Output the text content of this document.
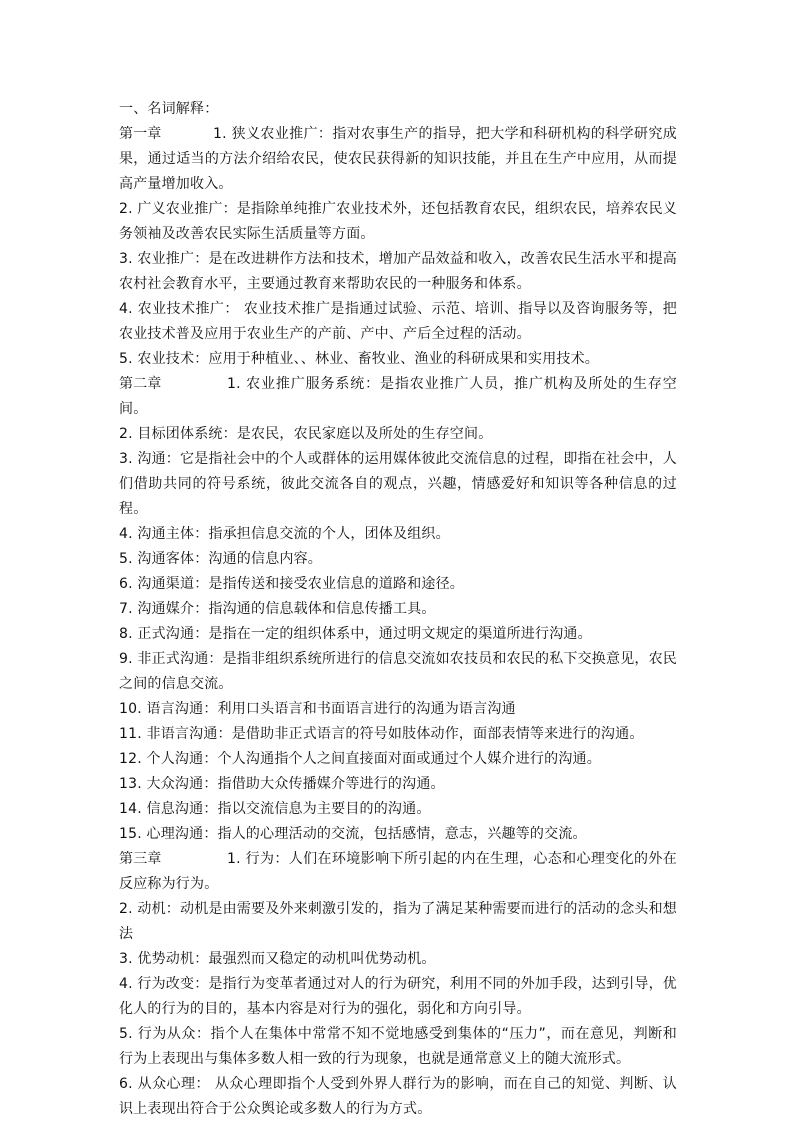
一、名词解释：

第一章	1. 狭义农业推广：指对农事生产的指导，把大学和科研机构的科学研究成果，通过适当的方法介绍给农民，使农民获得新的知识技能，并且在生产中应用，从而提高产量增加收入。

2. 广义农业推广：是指除单纯推广农业技术外，还包括教育农民，组织农民，培养农民义务领袖及改善农民实际生活质量等方面。

3. 农业推广：是在改进耕作方法和技术，增加产品效益和收入，改善农民生活水平和提高农村社会教育水平，主要通过教育来帮助农民的一种服务和体系。

4. 农业技术推广： 农业技术推广是指通过试验、示范、培训、指导以及咨询服务等，把农业技术普及应用于农业生产的产前、产中、产后全过程的活动。

5. 农业技术：应用于种植业、、林业、畜牧业、渔业的科研成果和实用技术。

第二章	1. 农业推广服务系统：是指农业推广人员，推广机构及所处的生存空间。

2. 目标团体系统：是农民，农民家庭以及所处的生存空间。

3. 沟通：它是指社会中的个人或群体的运用媒体彼此交流信息的过程，即指在社会中，人们借助共同的符号系统，彼此交流各自的观点，兴趣，情感爱好和知识等各种信息的过程。

4. 沟通主体：指承担信息交流的个人，团体及组织。

5. 沟通客体：沟通的信息内容。

6. 沟通渠道：是指传送和接受农业信息的道路和途径。

7. 沟通媒介：指沟通的信息载体和信息传播工具。

8. 正式沟通：是指在一定的组织体系中，通过明文规定的渠道所进行沟通。

9. 非正式沟通：是指非组织系统所进行的信息交流如农技员和农民的私下交换意见，农民之间的信息交流。

10. 语言沟通：利用口头语言和书面语言进行的沟通为语言沟通

11. 非语言沟通：是借助非正式语言的符号如肢体动作，面部表情等来进行的沟通。

12. 个人沟通：个人沟通指个人之间直接面对面或通过个人媒介进行的沟通。

13. 大众沟通：指借助大众传播媒介等进行的沟通。

14. 信息沟通：指以交流信息为主要目的的沟通。

15. 心理沟通：指人的心理活动的交流，包括感情，意志，兴趣等的交流。

第三章	1. 行为：人们在环境影响下所引起的内在生理，心态和心理变化的外在反应称为行为。

2. 动机：动机是由需要及外来刺激引发的，指为了满足某种需要而进行的活动的念头和想法

3. 优势动机：最强烈而又稳定的动机叫优势动机。

4. 行为改变：是指行为变革者通过对人的行为研究，利用不同的外加手段，达到引导，优化人的行为的目的，基本内容是对行为的强化，弱化和方向引导。

5. 行为从众：指个人在集体中常常不知不觉地感受到集体的“压力”，而在意见，判断和行为上表现出与集体多数人相一致的行为现象，也就是通常意义上的随大流形式。

6. 从众心理： 从众心理即指个人受到外界人群行为的影响，而在自己的知觉、判断、认识上表现出符合于公众舆论或多数人的行为方式。
